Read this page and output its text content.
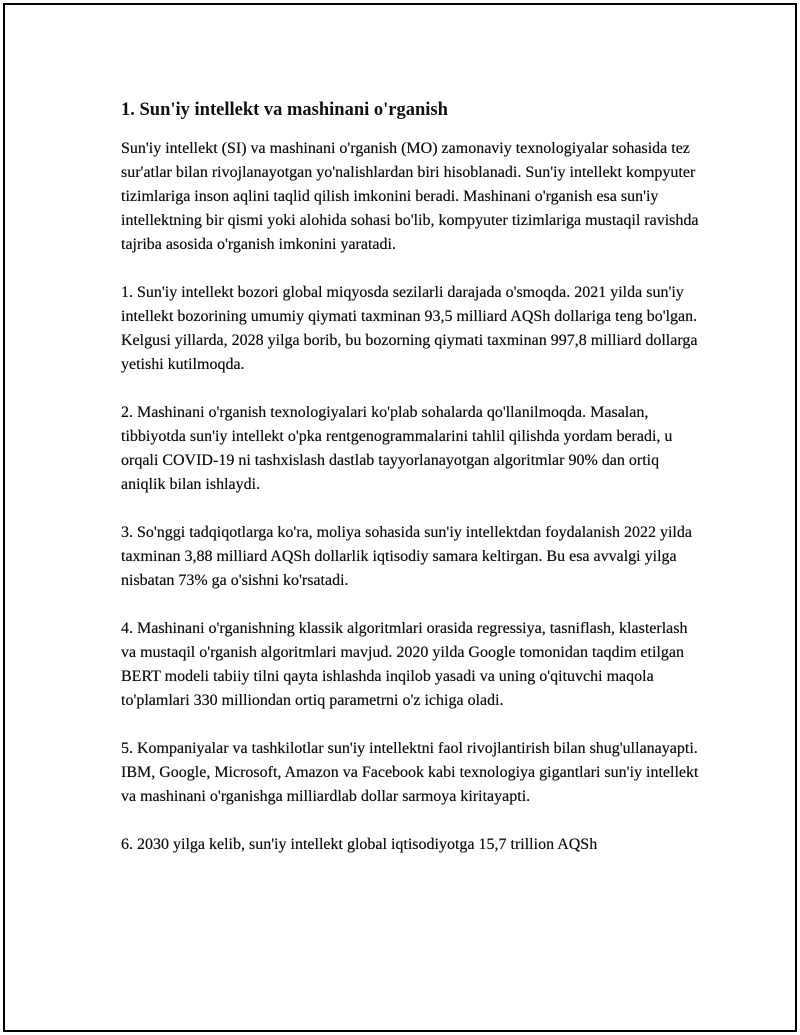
1. Sun'iy intellekt va mashinani o'rganish

Sun'iy intellekt (SI) va mashinani o'rganish (MO) zamonaviy texnologiyalar sohasida tez sur'atlar bilan rivojlanayotgan yo'nalishlardan biri hisoblanadi. Sun'iy intellekt kompyuter tizimlariga inson aqlini taqlid qilish imkonini beradi. Mashinani o'rganish esa sun'iy intellektning bir qismi yoki alohida sohasi bo'lib, kompyuter tizimlariga mustaqil ravishda tajriba asosida o'rganish imkonini yaratadi.

1. Sun'iy intellekt bozori global miqyosda sezilarli darajada o'smoqda. 2021 yilda sun'iy intellekt bozorining umumiy qiymati taxminan 93,5 milliard AQSh dollariga teng bo'lgan. Kelgusi yillarda, 2028 yilga borib, bu bozorning qiymati taxminan 997,8 milliard dollarga yetishi kutilmoqda.

2. Mashinani o'rganish texnologiyalari ko'plab sohalarda qo'llanilmoqda. Masalan, tibbiyotda sun'iy intellekt o'pka rentgenogrammalarini tahlil qilishda yordam beradi, u orqali COVID-19 ni tashxislash dastlab tayyorlanayotgan algoritmlar 90% dan ortiq aniqlik bilan ishlaydi.

3. So'nggi tadqiqotlarga ko'ra, moliya sohasida sun'iy intellektdan foydalanish 2022 yilda taxminan 3,88 milliard AQSh dollarlik iqtisodiy samara keltirgan. Bu esa avvalgi yilga nisbatan 73% ga o'sishni ko'rsatadi.

4. Mashinani o'rganishning klassik algoritmlari orasida regressiya, tasniflash, klasterlash va mustaqil o'rganish algoritmlari mavjud. 2020 yilda Google tomonidan taqdim etilgan BERT modeli tabiiy tilni qayta ishlashda inqilob yasadi va uning o'qituvchi maqola to'plamlari 330 milliondan ortiq parametrni o'z ichiga oladi.

5. Kompaniyalar va tashkilotlar sun'iy intellektni faol rivojlantirish bilan shug'ullanayapti. IBM, Google, Microsoft, Amazon va Facebook kabi texnologiya gigantlari sun'iy intellekt va mashinani o'rganishga milliardlab dollar sarmoya kiritayapti.

6. 2030 yilga kelib, sun'iy intellekt global iqtisodiyotga 15,7 trillion AQSh
